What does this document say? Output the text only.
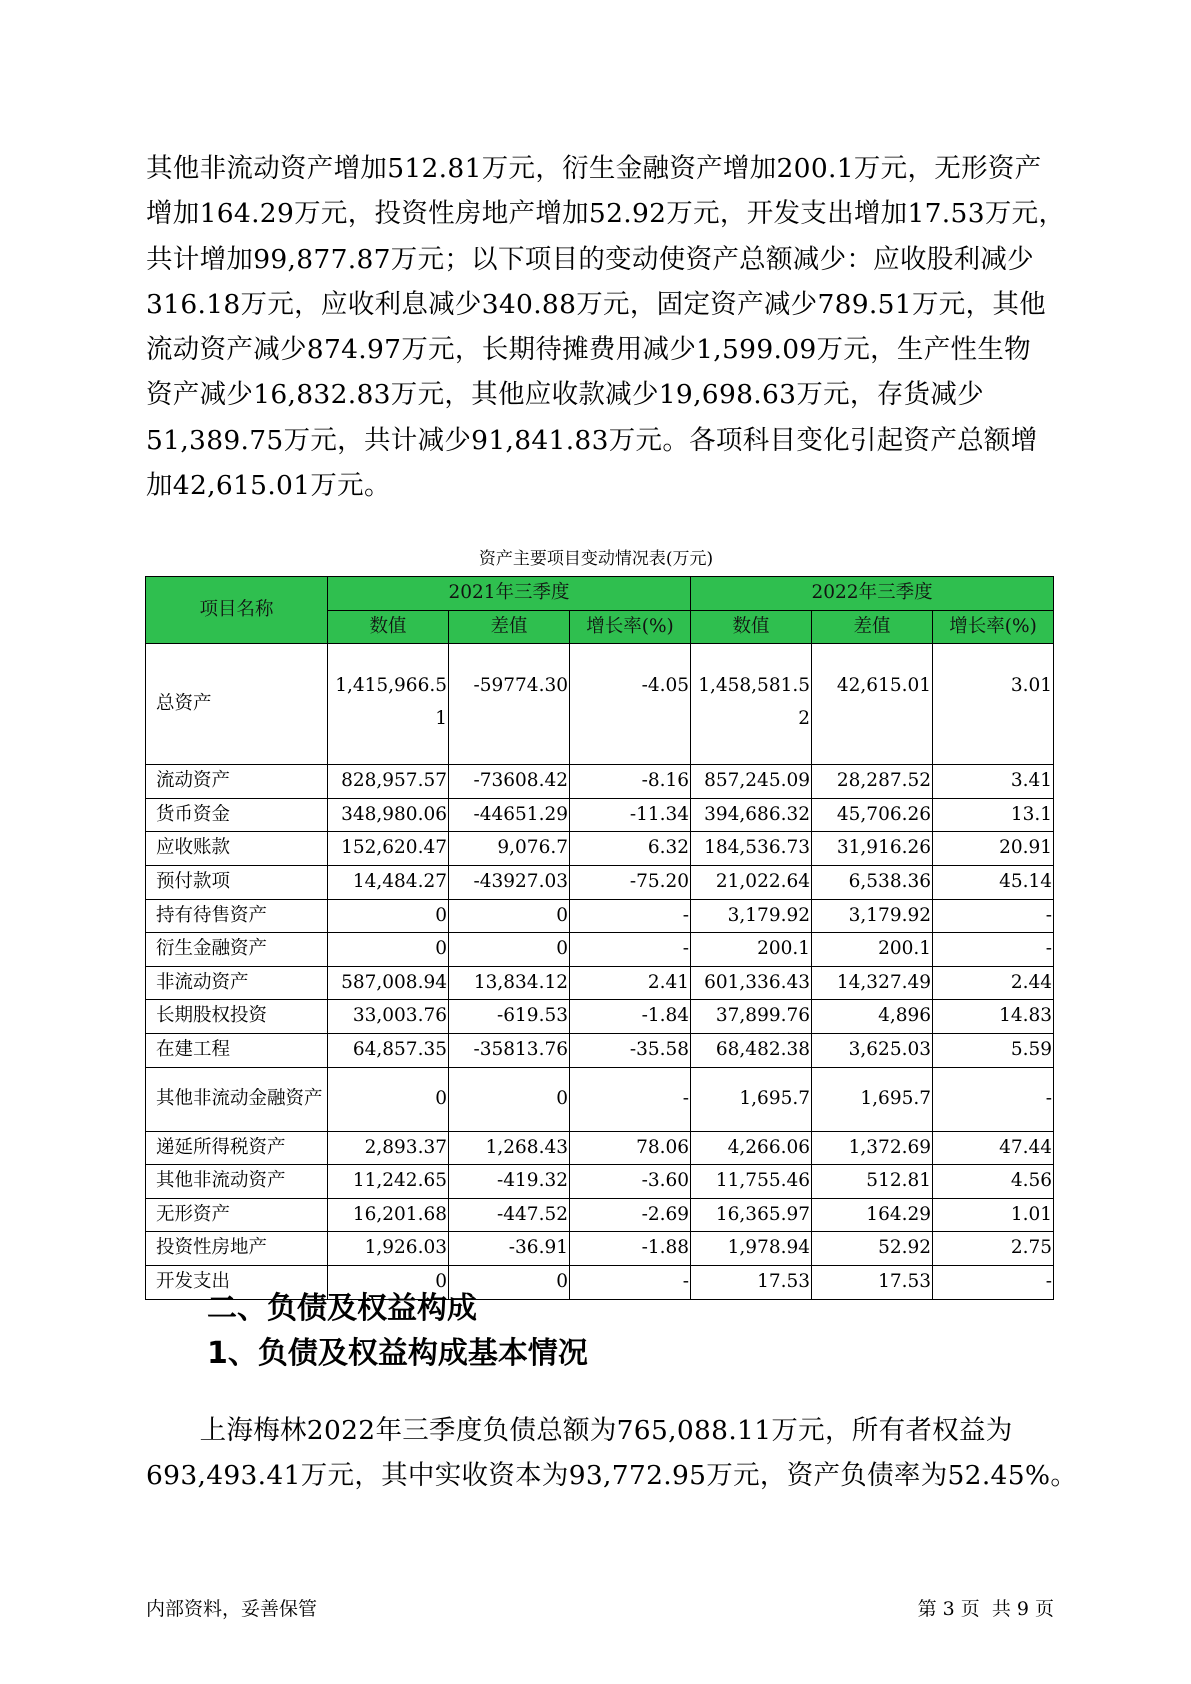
其他非流动资产增加512.81万元，衍生金融资产增加200.1万元，无形资产
增加164.29万元，投资性房地产增加52.92万元，开发支出增加17.53万元，
共计增加99,877.87万元；以下项目的变动使资产总额减少：应收股利减少
316.18万元，应收利息减少340.88万元，固定资产减少789.51万元，其他
流动资产减少874.97万元，长期待摊费用减少1,599.09万元，生产性生物
资产减少16,832.83万元，其他应收款减少19,698.63万元，存货减少
51,389.75万元，共计减少91,841.83万元。各项科目变化引起资产总额增
加42,615.01万元。
资产主要项目变动情况表(万元)
项目名称	2021年三季度			2022年三季度		
	数值	差值	增长率(%)	数值	差值	增长率(%)
总资产	1,415,966.51	-59774.30	-4.05	1,458,581.52	42,615.01	3.01
流动资产	828,957.57	-73608.42	-8.16	857,245.09	28,287.52	3.41
货币资金	348,980.06	-44651.29	-11.34	394,686.32	45,706.26	13.1
应收账款	152,620.47	9,076.7	6.32	184,536.73	31,916.26	20.91
预付款项	14,484.27	-43927.03	-75.20	21,022.64	6,538.36	45.14
持有待售资产	0	0	-	3,179.92	3,179.92	-
衍生金融资产	0	0	-	200.1	200.1	-
非流动资产	587,008.94	13,834.12	2.41	601,336.43	14,327.49	2.44
长期股权投资	33,003.76	-619.53	-1.84	37,899.76	4,896	14.83
在建工程	64,857.35	-35813.76	-35.58	68,482.38	3,625.03	5.59
其他非流动金融资产	0	0	-	1,695.7	1,695.7	-
递延所得税资产	2,893.37	1,268.43	78.06	4,266.06	1,372.69	47.44
其他非流动资产	11,242.65	-419.32	-3.60	11,755.46	512.81	4.56
无形资产	16,201.68	-447.52	-2.69	16,365.97	164.29	1.01
投资性房地产	1,926.03	-36.91	-1.88	1,978.94	52.92	2.75
开发支出	0	0	-	17.53	17.53	-
二、负债及权益构成
1、负债及权益构成基本情况
　　上海梅林2022年三季度负债总额为765,088.11万元，所有者权益为
693,493.41万元，其中实收资本为93,772.95万元，资产负债率为52.45%。
内部资料，妥善保管	第 3 页  共 9 页
